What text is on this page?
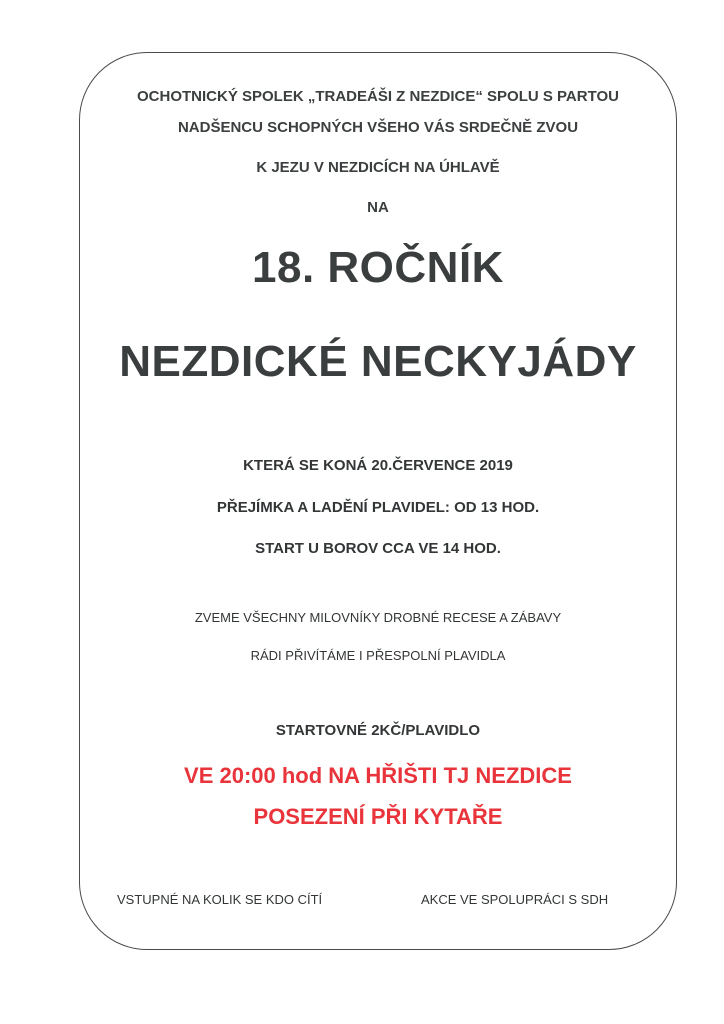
OCHOTNICKÝ SPOLEK „TRADEÁŠI Z NEZDICE“ SPOLU S PARTOU
NADŠENCU SCHOPNÝCH VŠEHO VÁS SRDEČNĚ ZVOU
K JEZU V NEZDICÍCH NA ÚHLAVĚ
NA
18. ROČNÍK
NEZDICKÉ NECKYJÁDY
KTERÁ SE KONÁ 20.ČERVENCE 2019
PŘEJÍMKA A LADĚNÍ PLAVIDEL: OD 13 HOD.
START U BOROV CCA VE 14 HOD.
ZVEME VŠECHNY MILOVNÍKY DROBNÉ RECESE A ZÁBAVY
RÁDI PŘIVÍTÁME I PŘESPOLNÍ PLAVIDLA
STARTOVNÉ 2KČ/PLAVIDLO
VE 20:00 hod NA HŘIŠTI TJ NEZDICE
POSEZENÍ PŘI KYTAŘE
VSTUPNÉ NA KOLIK SE KDO CÍTÍ	AKCE VE SPOLUPRÁCI S SDH
